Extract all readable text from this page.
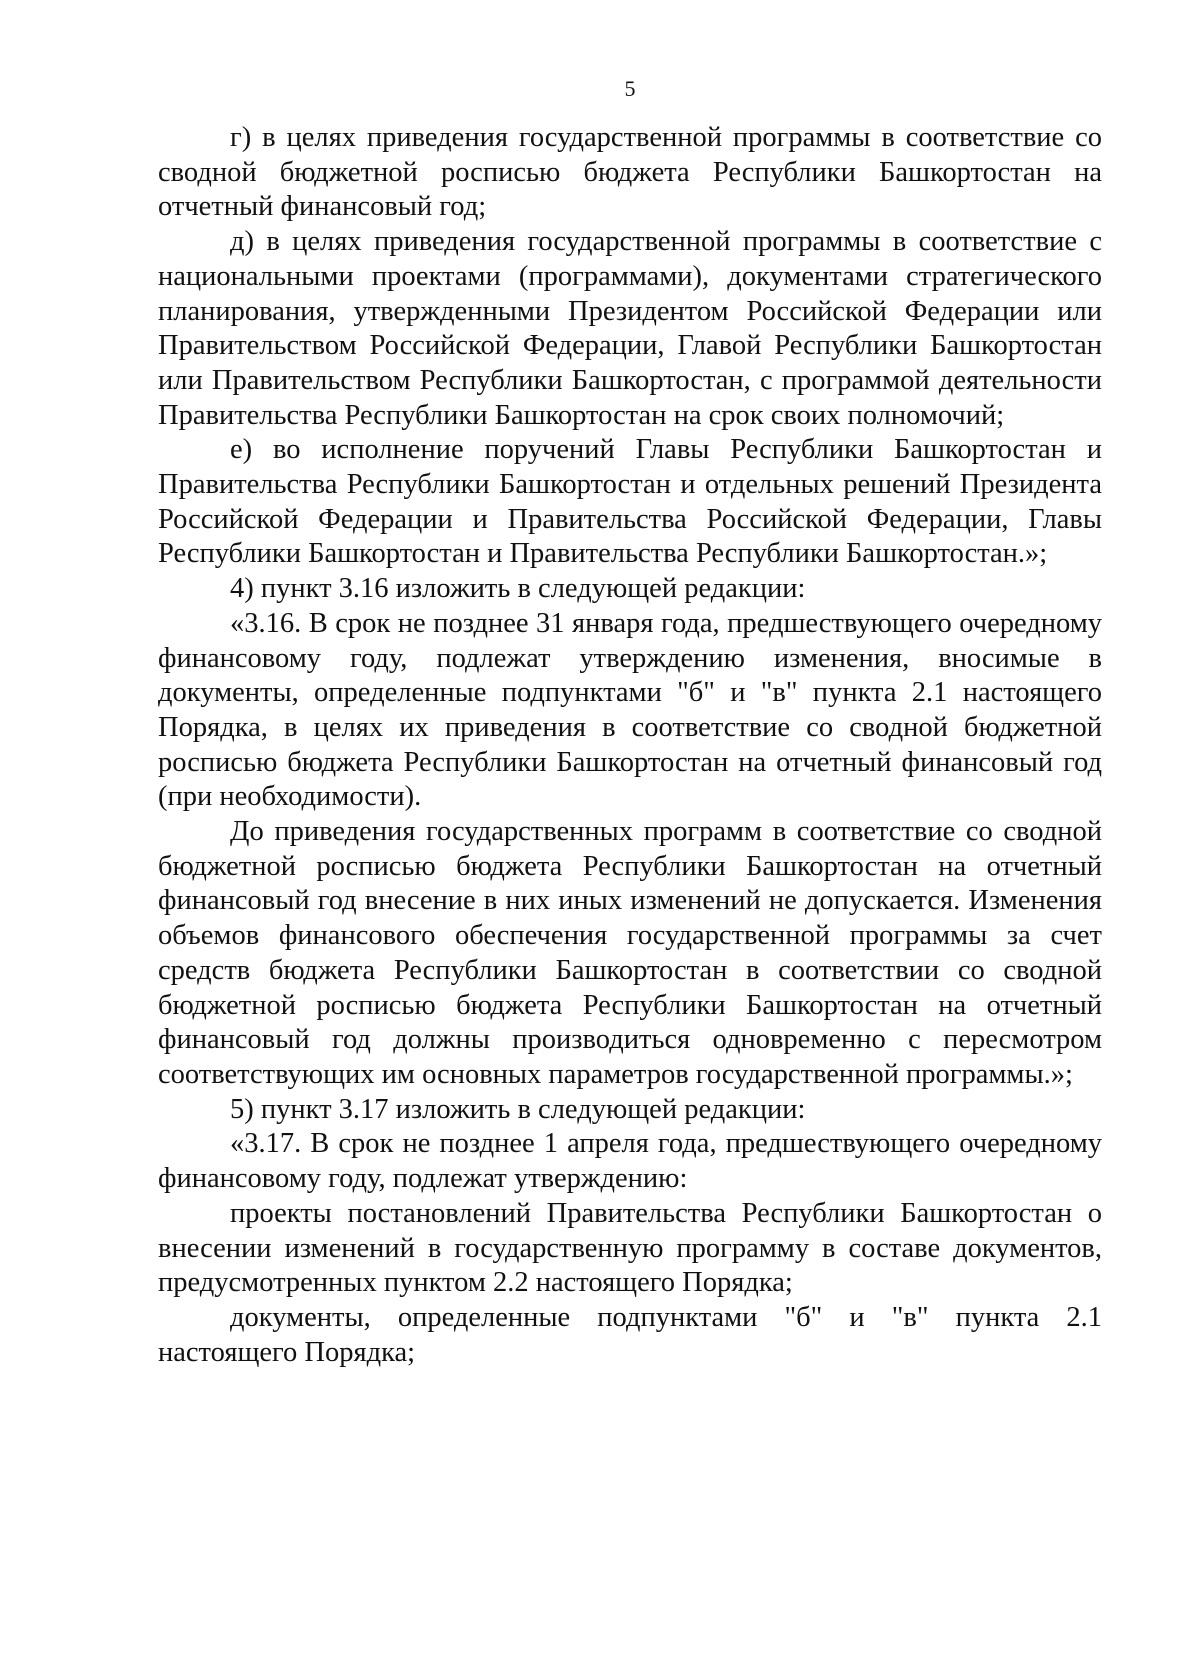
5

г) в целях приведения государственной программы в соответствие со сводной бюджетной росписью бюджета Республики Башкортостан на отчетный финансовый год;

д) в целях приведения государственной программы в соответствие с национальными проектами (программами), документами стратегического планирования, утвержденными Президентом Российской Федерации или Правительством Российской Федерации, Главой Республики Башкортостан или Правительством Республики Башкортостан, с программой деятельности Правительства Республики Башкортостан на срок своих полномочий;

е) во исполнение поручений Главы Республики Башкортостан и Правительства Республики Башкортостан и отдельных решений Президента Российской Федерации и Правительства Российской Федерации, Главы Республики Башкортостан и Правительства Республики Башкортостан.»;

4) пункт 3.16 изложить в следующей редакции:

«3.16. В срок не позднее 31 января года, предшествующего очередному финансовому году, подлежат утверждению изменения, вносимые в документы, определенные подпунктами "б" и "в" пункта 2.1 настоящего Порядка, в целях их приведения в соответствие со сводной бюджетной росписью бюджета Республики Башкортостан на отчетный финансовый год (при необходимости).

До приведения государственных программ в соответствие со сводной бюджетной росписью бюджета Республики Башкортостан на отчетный финансовый год внесение в них иных изменений не допускается. Изменения объемов финансового обеспечения государственной программы за счет средств бюджета Республики Башкортостан в соответствии со сводной бюджетной росписью бюджета Республики Башкортостан на отчетный финансовый год должны производиться одновременно с пересмотром соответствующих им основных параметров государственной программы.»;

5) пункт 3.17 изложить в следующей редакции:

«3.17. В срок не позднее 1 апреля года, предшествующего очередному финансовому году, подлежат утверждению:

проекты постановлений Правительства Республики Башкортостан о внесении изменений в государственную программу в составе документов, предусмотренных пунктом 2.2 настоящего Порядка;

документы, определенные подпунктами "б" и "в" пункта 2.1 настоящего Порядка;
